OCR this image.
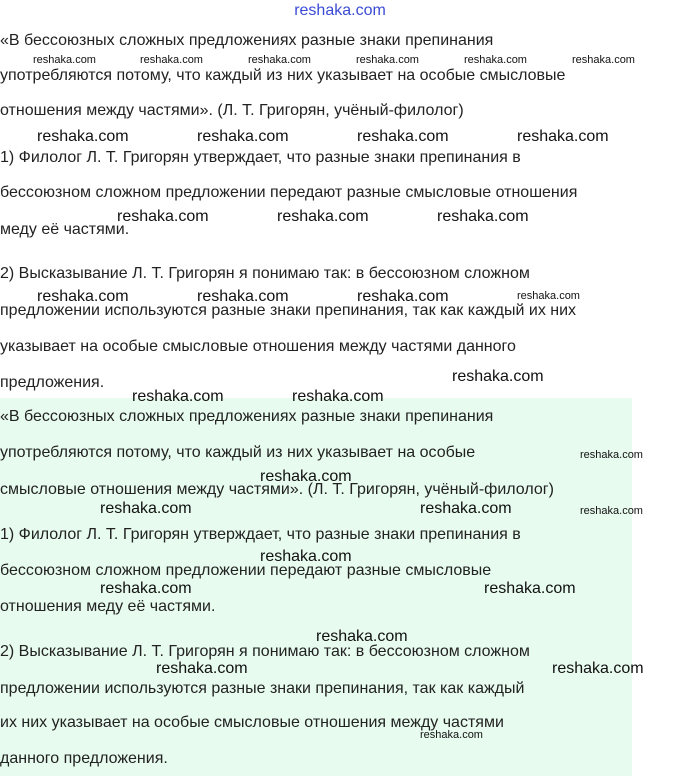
reshaka.com
«В бессоюзных сложных предложениях разные знаки препинания
употребляются потому, что каждый из них указывает на особые смысловые
отношения между частями». (Л. Т. Григорян, учёный-филолог)
1) Филолог Л. Т. Григорян утверждает, что разные знаки препинания в
бессоюзном сложном предложении передают разные смысловые отношения
меду её частями.
2) Высказывание Л. Т. Григорян я понимаю так: в бессоюзном сложном
предложении используются разные знаки препинания, так как каждый их них
указывает на особые смысловые отношения между частями данного
предложения.
«В бессоюзных сложных предложениях разные знаки препинания
употребляются потому, что каждый из них указывает на особые
смысловые отношения между частями». (Л. Т. Григорян, учёный-филолог)
1) Филолог Л. Т. Григорян утверждает, что разные знаки препинания в
бессоюзном сложном предложении передают разные смысловые
отношения меду её частями.
2) Высказывание Л. Т. Григорян я понимаю так: в бессоюзном сложном
предложении используются разные знаки препинания, так как каждый
их них указывает на особые смысловые отношения между частями
данного предложения.
reshaka.com	reshaka.com	reshaka.com	reshaka.com	reshaka.com	reshaka.com
reshaka.com	reshaka.com	reshaka.com	reshaka.com
reshaka.com	reshaka.com	reshaka.com
reshaka.com	reshaka.com	reshaka.com	reshaka.com
reshaka.com
reshaka.com	reshaka.com
reshaka.com
reshaka.com
reshaka.com	reshaka.com	reshaka.com
reshaka.com
reshaka.com	reshaka.com
reshaka.com
reshaka.com	reshaka.com
reshaka.com
